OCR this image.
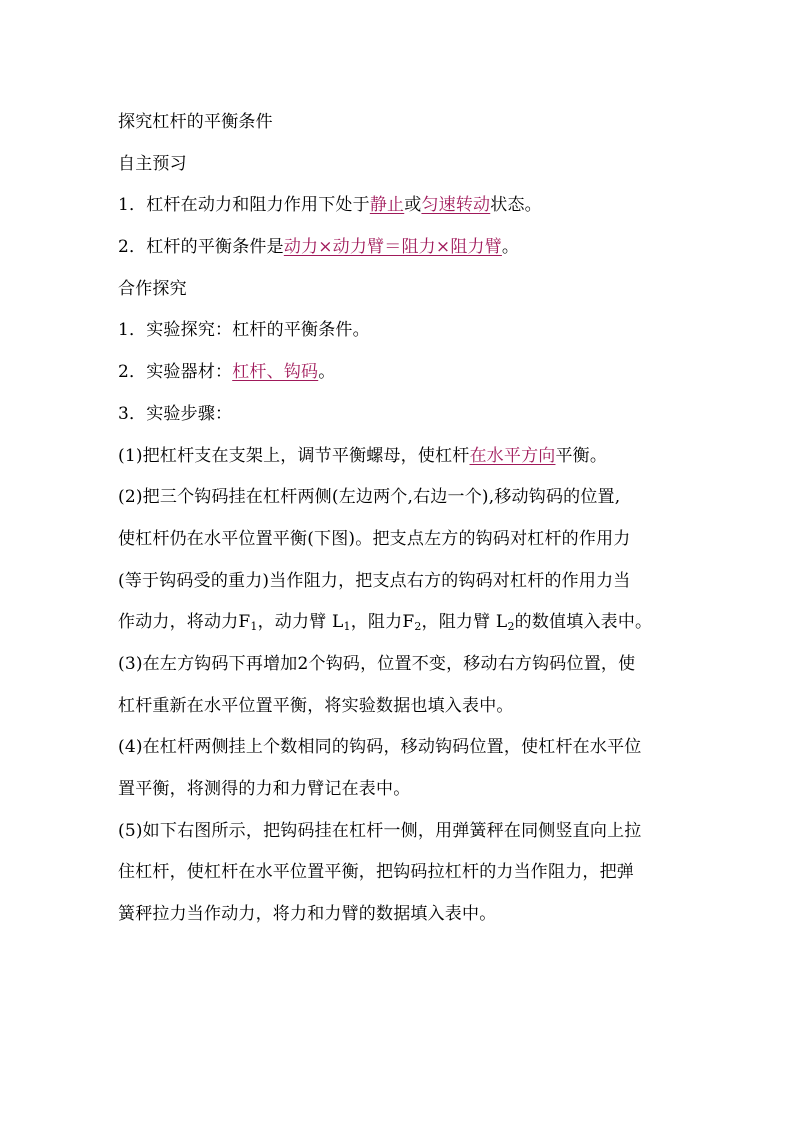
探究杠杆的平衡条件
自主预习
1．杠杆在动力和阻力作用下处于静止或匀速转动状态。
2．杠杆的平衡条件是动力×动力臂＝阻力×阻力臂。
合作探究
1．实验探究：杠杆的平衡条件。
2．实验器材：杠杆、钩码。
3．实验步骤：
(1)把杠杆支在支架上，调节平衡螺母，使杠杆在水平方向平衡。
(2)把三个钩码挂在杠杆两侧(左边两个,右边一个),移动钩码的位置,
使杠杆仍在水平位置平衡(下图)。把支点左方的钩码对杠杆的作用力
(等于钩码受的重力)当作阻力，把支点右方的钩码对杠杆的作用力当
作动力，将动力$F_1$，动力臂 $L_1$，阻力$F_2$，阻力臂 $L_2$的数值填入表中。
(3)在左方钩码下再增加2个钩码，位置不变，移动右方钩码位置，使
杠杆重新在水平位置平衡，将实验数据也填入表中。
(4)在杠杆两侧挂上个数相同的钩码，移动钩码位置，使杠杆在水平位
置平衡，将测得的力和力臂记在表中。
(5)如下右图所示，把钩码挂在杠杆一侧，用弹簧秤在同侧竖直向上拉
住杠杆，使杠杆在水平位置平衡，把钩码拉杠杆的力当作阻力，把弹
簧秤拉力当作动力，将力和力臂的数据填入表中。
